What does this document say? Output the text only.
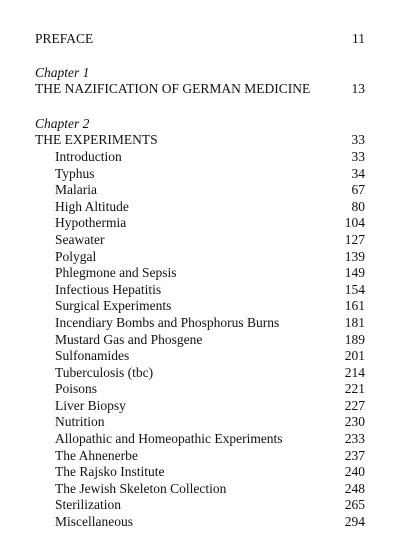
PREFACE	11
Chapter 1
THE NAZIFICATION OF GERMAN MEDICINE	13
Chapter 2
THE EXPERIMENTS	33
Introduction	33
Typhus	34
Malaria	67
High Altitude	80
Hypothermia	104
Seawater	127
Polygal	139
Phlegmone and Sepsis	149
Infectious Hepatitis	154
Surgical Experiments	161
Incendiary Bombs and Phosphorus Burns	181
Mustard Gas and Phosgene	189
Sulfonamides	201
Tuberculosis (tbc)	214
Poisons	221
Liver Biopsy	227
Nutrition	230
Allopathic and Homeopathic Experiments	233
The Ahnenerbe	237
The Rajsko Institute	240
The Jewish Skeleton Collection	248
Sterilization	265
Miscellaneous	294
